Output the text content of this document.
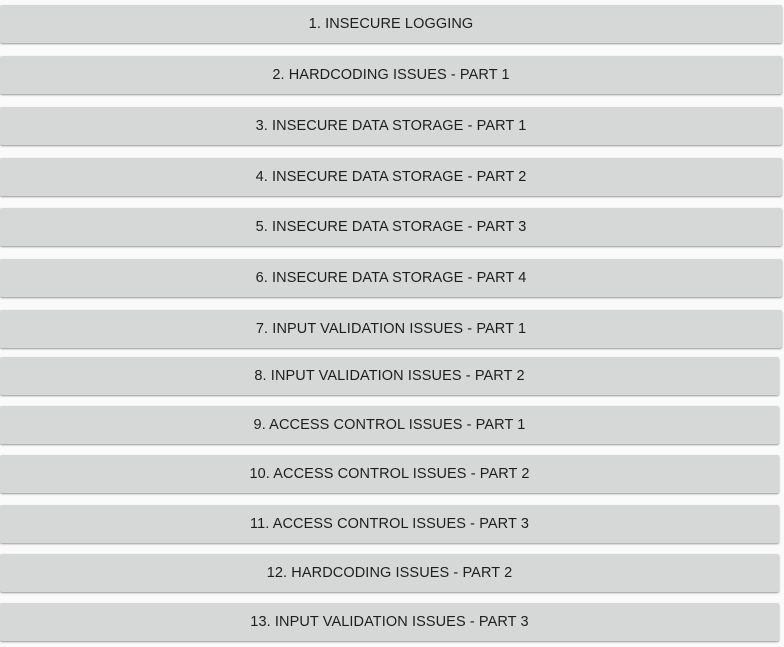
1. INSECURE LOGGING
2. HARDCODING ISSUES - PART 1
3. INSECURE DATA STORAGE - PART 1
4. INSECURE DATA STORAGE - PART 2
5. INSECURE DATA STORAGE - PART 3
6. INSECURE DATA STORAGE - PART 4
7. INPUT VALIDATION ISSUES - PART 1
8. INPUT VALIDATION ISSUES - PART 2
9. ACCESS CONTROL ISSUES - PART 1
10. ACCESS CONTROL ISSUES - PART 2
11. ACCESS CONTROL ISSUES - PART 3
12. HARDCODING ISSUES - PART 2
13. INPUT VALIDATION ISSUES - PART 3
